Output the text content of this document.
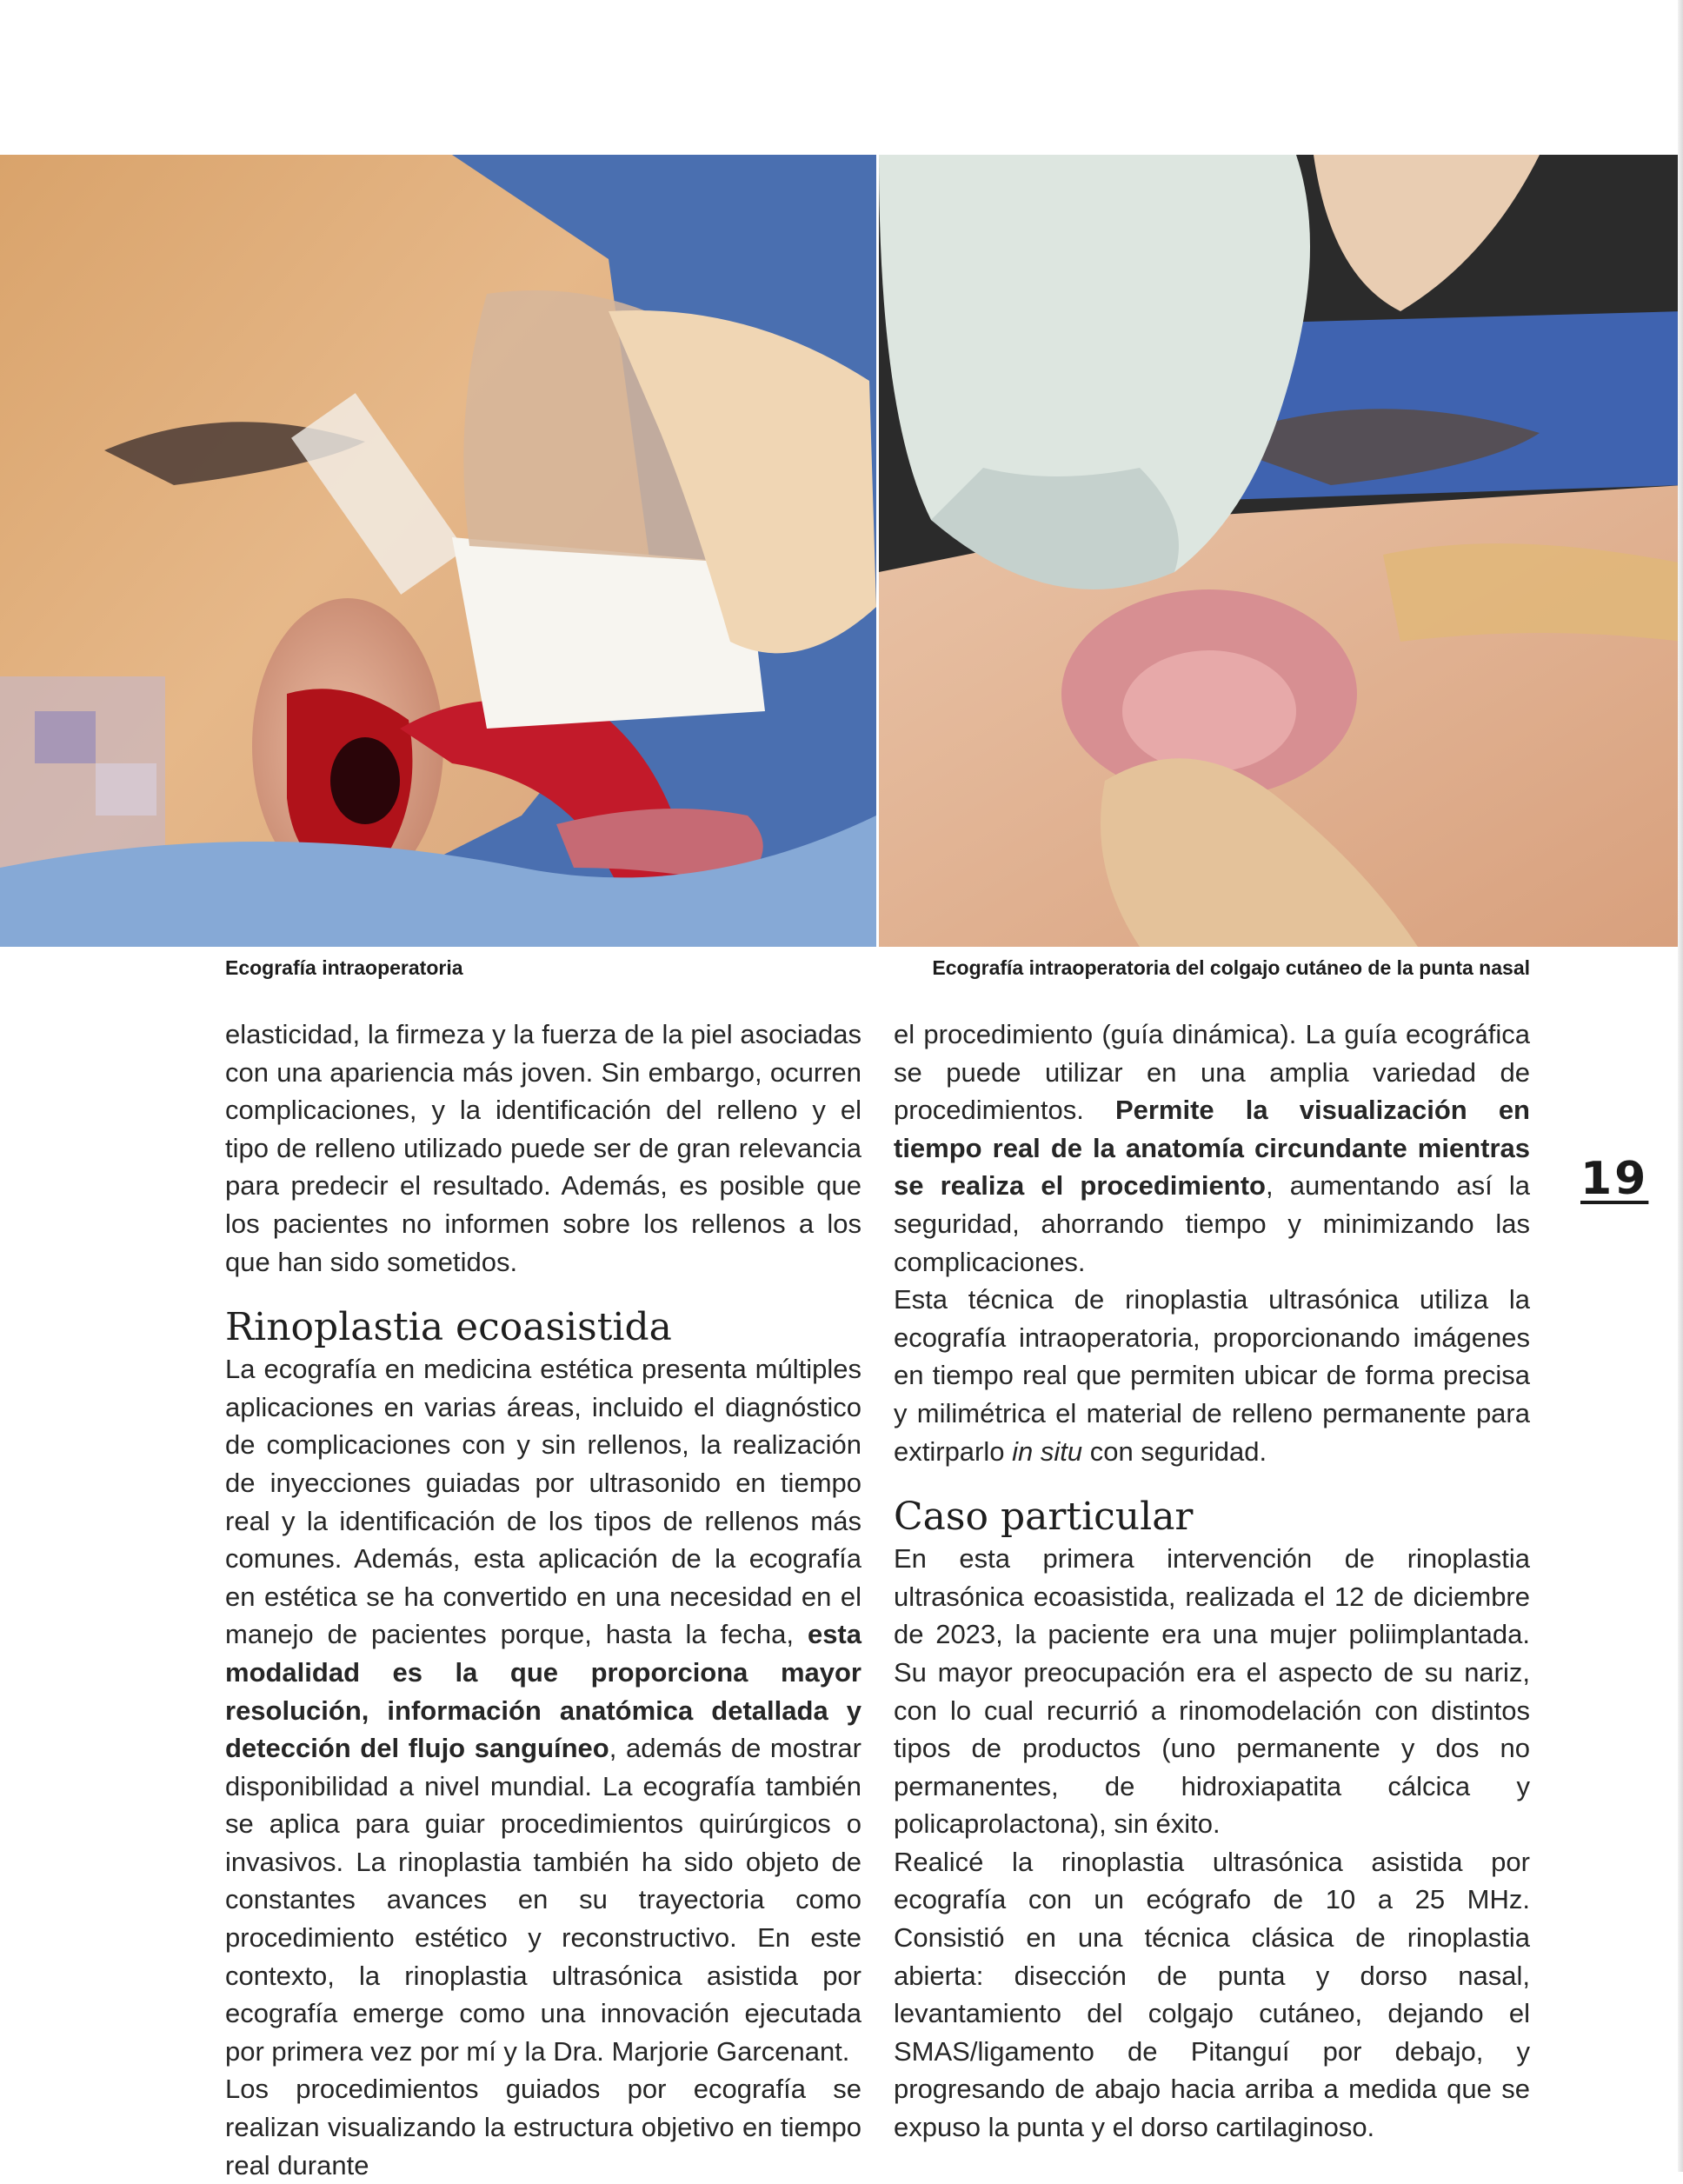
Ecografía intraoperatoria	Ecografía intraoperatoria del colgajo cutáneo de la punta nasal

elasticidad, la firmeza y la fuerza de la piel asociadas con una apariencia más joven. Sin embargo, ocurren complicaciones, y la identificación del relleno y el tipo de relleno utilizado puede ser de gran relevancia para predecir el resultado. Además, es posible que los pacientes no informen sobre los rellenos a los que han sido sometidos.

Rinoplastia ecoasistida

La ecografía en medicina estética presenta múltiples aplicaciones en varias áreas, incluido el diagnóstico de complicaciones con y sin rellenos, la realización de inyecciones guiadas por ultrasonido en tiempo real y la identificación de los tipos de rellenos más comunes. Además, esta aplicación de la ecografía en estética se ha convertido en una necesidad en el manejo de pacientes porque, hasta la fecha, esta modalidad es la que proporciona mayor resolución, información anatómica detallada y detección del flujo sanguíneo, además de mostrar disponibilidad a nivel mundial. La ecografía también se aplica para guiar procedimientos quirúrgicos o invasivos. La rinoplastia también ha sido objeto de constantes avances en su trayectoria como procedimiento estético y reconstructivo. En este contexto, la rinoplastia ultrasónica asistida por ecografía emerge como una innovación ejecutada por primera vez por mí y la Dra. Marjorie Garcenant.

Los procedimientos guiados por ecografía se realizan visualizando la estructura objetivo en tiempo real durante

el procedimiento (guía dinámica). La guía ecográfica se puede utilizar en una amplia variedad de procedimientos. Permite la visualización en tiempo real de la anatomía circundante mientras se realiza el procedimiento, aumentando así la seguridad, ahorrando tiempo y minimizando las complicaciones.

Esta técnica de rinoplastia ultrasónica utiliza la ecografía intraoperatoria, proporcionando imágenes en tiempo real que permiten ubicar de forma precisa y milimétrica el material de relleno permanente para extirparlo in situ con seguridad.

Caso particular

En esta primera intervención de rinoplastia ultrasónica ecoasistida, realizada el 12 de diciembre de 2023, la paciente era una mujer poliimplantada. Su mayor preocupación era el aspecto de su nariz, con lo cual recurrió a rinomodelación con distintos tipos de productos (uno permanente y dos no permanentes, de hidroxiapatita cálcica y policaprolactona), sin éxito.

Realicé la rinoplastia ultrasónica asistida por ecografía con un ecógrafo de 10 a 25 MHz. Consistió en una técnica clásica de rinoplastia abierta: disección de punta y dorso nasal, levantamiento del colgajo cutáneo, dejando el SMAS/ligamento de Pitanguí por debajo, y progresando de abajo hacia arriba a medida que se expuso la punta y el dorso cartilaginoso.

19
